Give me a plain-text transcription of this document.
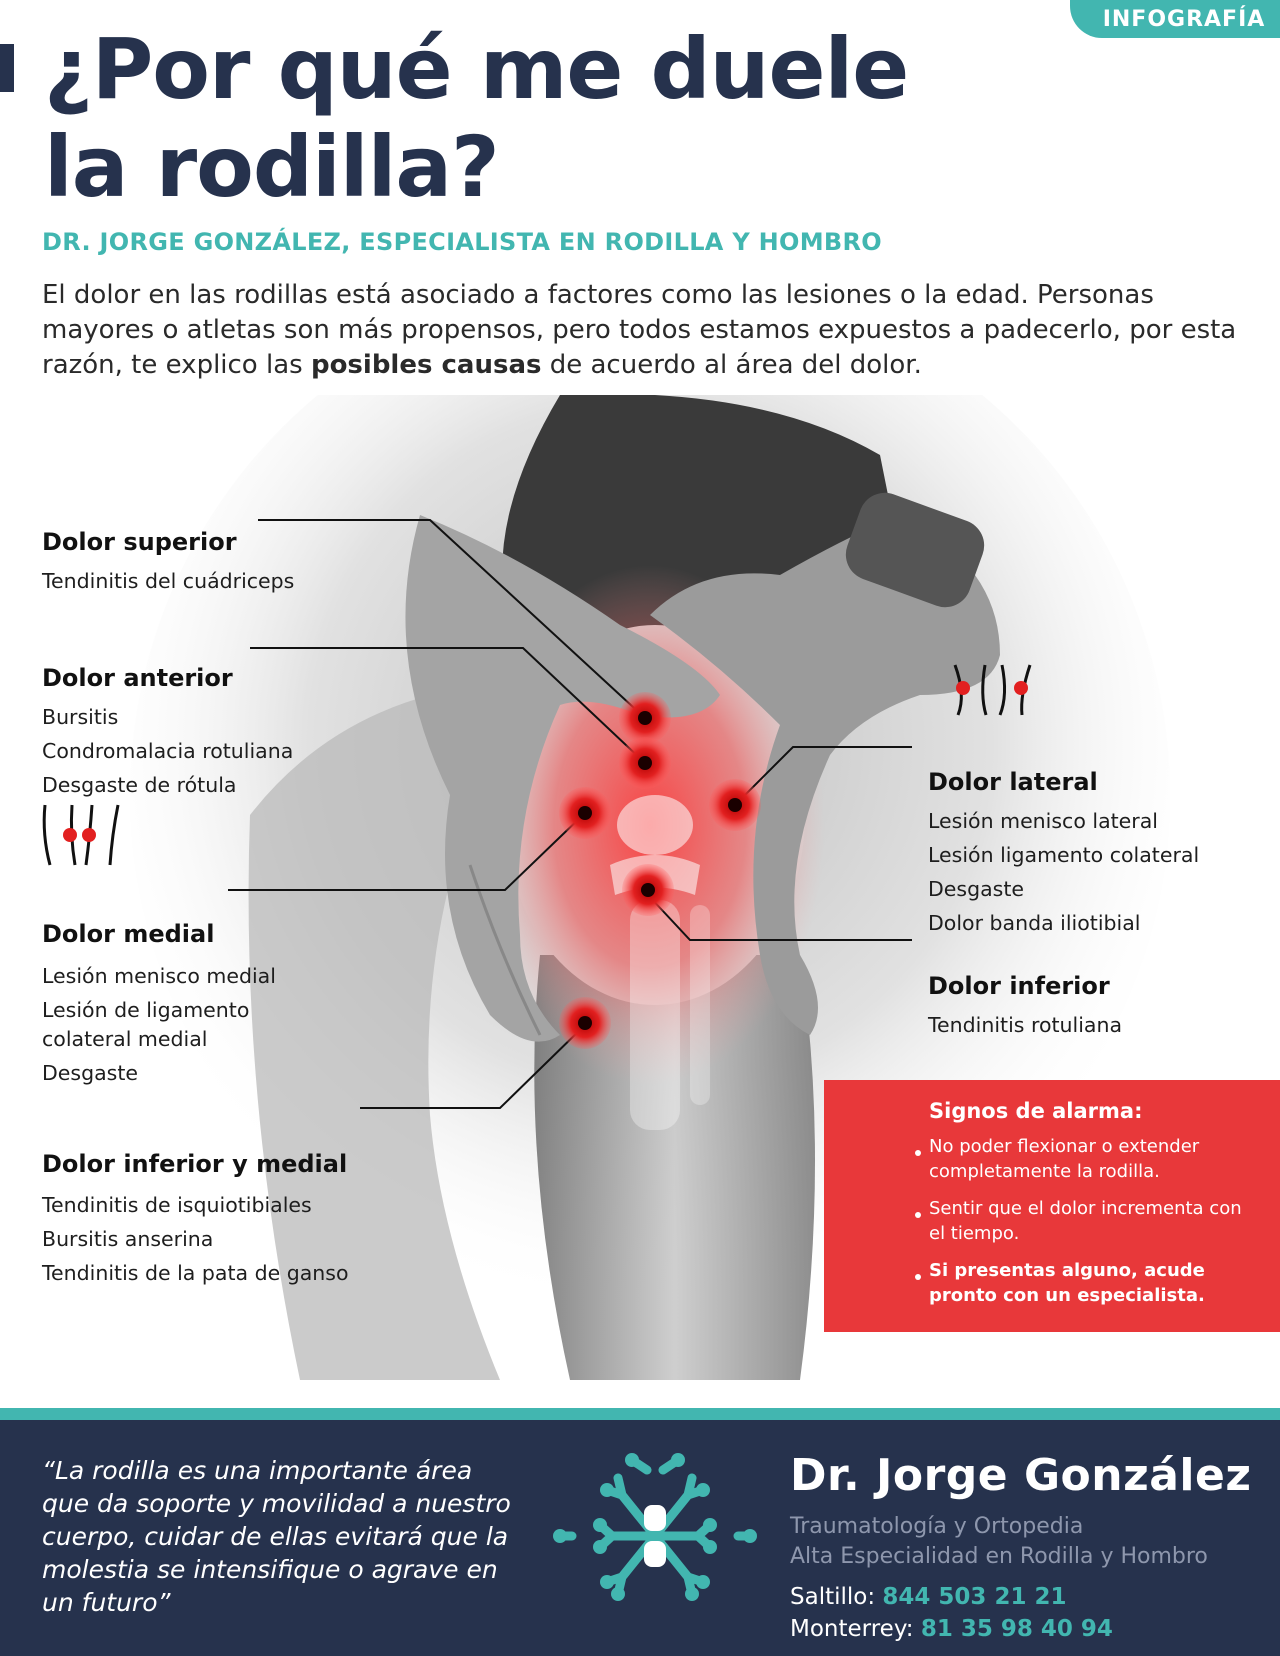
INFOGRAFÍA
¿Por qué me duele
la rodilla?
DR. JORGE GONZÁLEZ, ESPECIALISTA EN RODILLA Y HOMBRO

El dolor en las rodillas está asociado a factores como las lesiones o la edad. Personas mayores o atletas son más propensos, pero todos estamos expuestos a padecerlo, por esta razón, te explico las posibles causas de acuerdo al área del dolor.

Dolor superior
Tendinitis del cuádriceps
Dolor anterior
Bursitis
Condromalacia rotuliana
Desgaste de rótula
Dolor medial
Lesión menisco medial
Lesión de ligamento
colateral medial
Desgaste
Dolor inferior y medial
Tendinitis de isquiotibiales
Bursitis anserina
Tendinitis de la pata de ganso
Dolor lateral
Lesión menisco lateral
Lesión ligamento colateral
Desgaste
Dolor banda iliotibial
Dolor inferior
Tendinitis rotuliana
Signos de alarma:
No poder flexionar o extender completamente la rodilla.
Sentir que el dolor incrementa con el tiempo.
Si presentas alguno, acude pronto con un especialista.
“La rodilla es una importante área que da soporte y movilidad a nuestro cuerpo, cuidar de ellas evitará que la molestia se intensifique o agrave en un futuro”
Dr. Jorge González
Traumatología y Ortopedia
Alta Especialidad en Rodilla y Hombro
Saltillo: 844 503 21 21
Monterrey: 81 35 98 40 94
